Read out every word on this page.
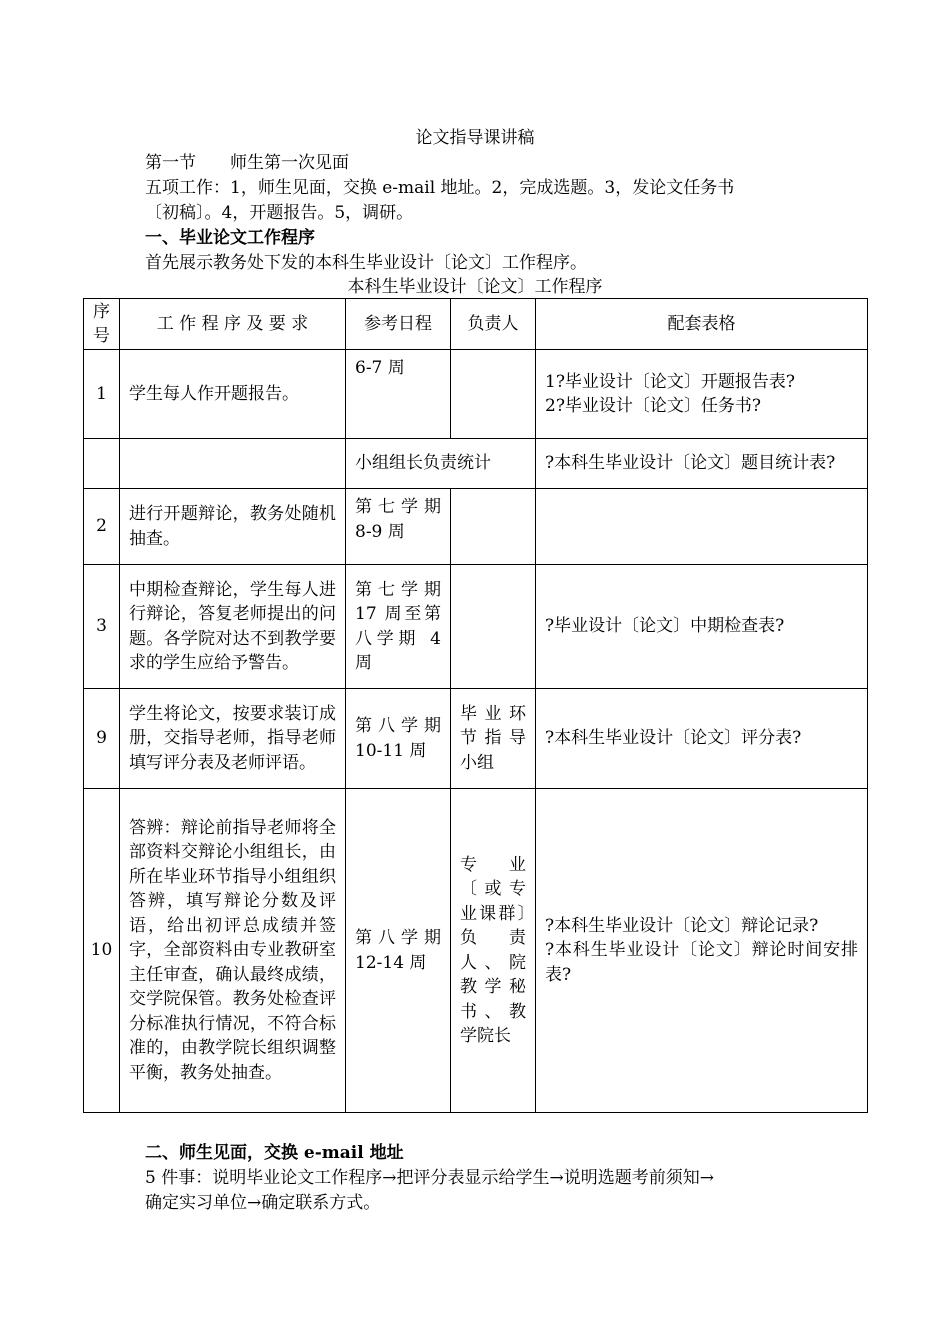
论文指导课讲稿
第一节　　师生第一次见面
五项工作：1，师生见面，交换 e-mail 地址。2，完成选题。3，发论文任务书
〔初稿〕。4，开题报告。5，调研。
一、毕业论文工作程序
首先展示教务处下发的本科生毕业设计〔论文〕工作程序。
本科生毕业设计〔论文〕工作程序
序号	工 作 程 序 及 要 求	参考日程	负责人	配套表格
1	学生每人作开题报告。	6-7 周		1?毕业设计〔论文〕开题报告表?
2?毕业设计〔论文〕任务书?
		小组组长负责统计		?本科生毕业设计〔论文〕题目统计表?
2	进行开题辩论，教务处随机抽查。	第七学期 8-9 周		
3	中期检查辩论，学生每人进行辩论，答复老师提出的问题。各学院对达不到教学要求的学生应给予警告。	第七学期 17 周至第八学期 4 周		?毕业设计〔论文〕中期检查表?
9	学生将论文，按要求装订成册，交指导老师，指导老师填写评分表及老师评语。	第八学期 10-11 周	毕业环节指导小组	?本科生毕业设计〔论文〕评分表?
10	答辨：辩论前指导老师将全部资料交辩论小组组长，由所在毕业环节指导小组组织答辨，填写辩论分数及评语，给出初评总成绩并签字，全部资料由专业教研室主任审查，确认最终成绩，交学院保管。教务处检查评分标准执行情况，不符合标准的，由教学院长组织调整平衡，教务处抽查。	第八学期 12-14 周	专业〔或专业课群〕负责人、院教学秘书、教学院长	?本科生毕业设计〔论文〕辩论记录?
?本科生毕业设计〔论文〕辩论时间安排表?
二、师生见面，交换 e-mail 地址
5 件事：说明毕业论文工作程序→把评分表显示给学生→说明选题考前须知→
确定实习单位→确定联系方式。
